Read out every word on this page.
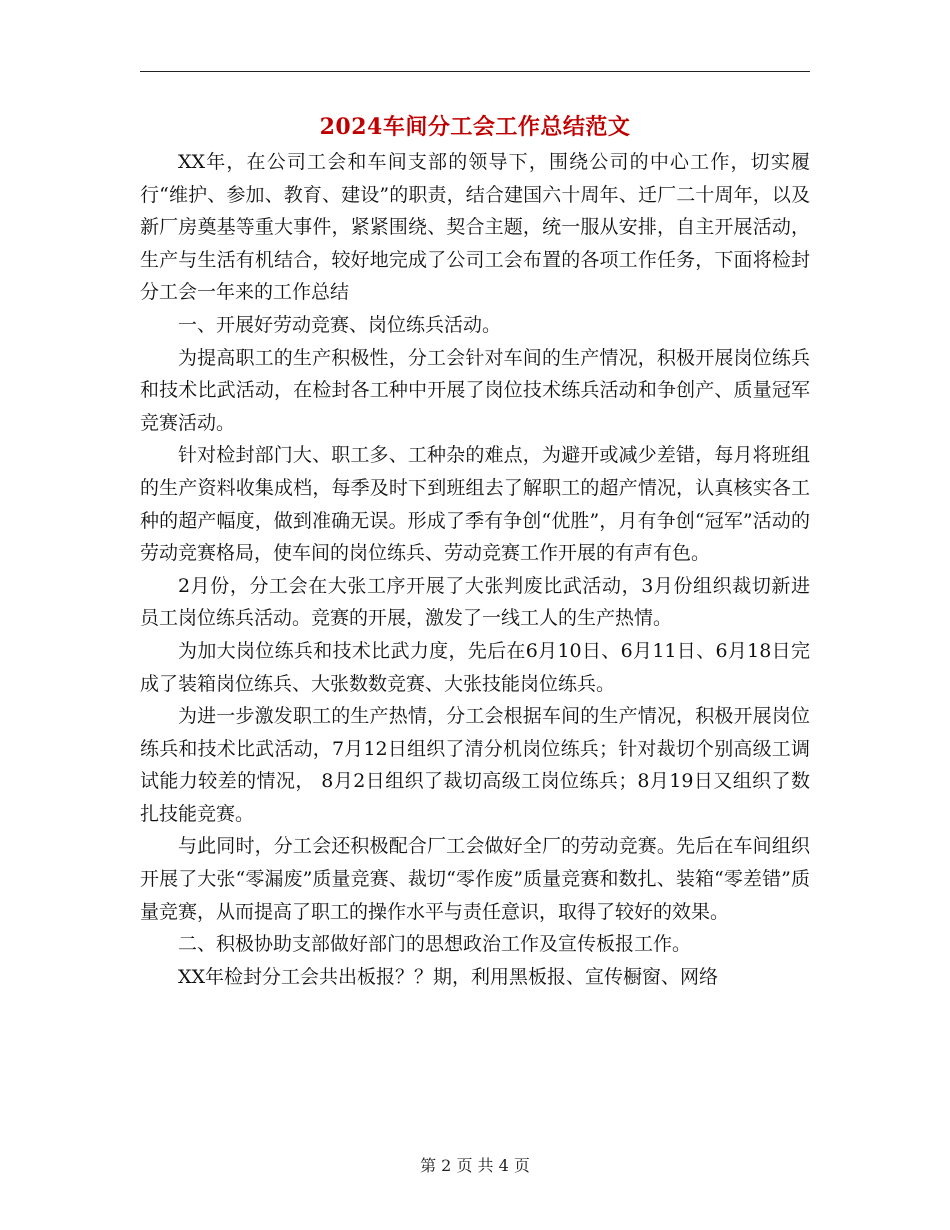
2024车间分工会工作总结范文

XX年，在公司工会和车间支部的领导下，围绕公司的中心工作，切实履行“维护、参加、教育、建设”的职责，结合建国六十周年、迁厂二十周年，以及新厂房奠基等重大事件，紧紧围绕、契合主题，统一服从安排，自主开展活动，生产与生活有机结合，较好地完成了公司工会布置的各项工作任务，下面将检封分工会一年来的工作总结

一、开展好劳动竞赛、岗位练兵活动。

为提高职工的生产积极性，分工会针对车间的生产情况，积极开展岗位练兵和技术比武活动，在检封各工种中开展了岗位技术练兵活动和争创产、质量冠军竞赛活动。

针对检封部门大、职工多、工种杂的难点，为避开或减少差错，每月将班组的生产资料收集成档，每季及时下到班组去了解职工的超产情况，认真核实各工种的超产幅度，做到准确无误。形成了季有争创“优胜”，月有争创“冠军”活动的劳动竞赛格局，使车间的岗位练兵、劳动竞赛工作开展的有声有色。

2月份，分工会在大张工序开展了大张判废比武活动，3月份组织裁切新进员工岗位练兵活动。竞赛的开展，激发了一线工人的生产热情。

为加大岗位练兵和技术比武力度，先后在6月10日、6月11日、6月18日完成了装箱岗位练兵、大张数数竞赛、大张技能岗位练兵。

为进一步激发职工的生产热情，分工会根据车间的生产情况，积极开展岗位练兵和技术比武活动，7月12日组织了清分机岗位练兵；针对裁切个别高级工调试能力较差的情况， 8月2日组织了裁切高级工岗位练兵；8月19日又组织了数扎技能竞赛。

与此同时，分工会还积极配合厂工会做好全厂的劳动竞赛。先后在车间组织开展了大张“零漏废”质量竞赛、裁切“零作废”质量竞赛和数扎、装箱“零差错”质量竞赛，从而提高了职工的操作水平与责任意识，取得了较好的效果。

二、积极协助支部做好部门的思想政治工作及宣传板报工作。

XX年检封分工会共出板报？？期，利用黑板报、宣传橱窗、网络

第 2 页 共 4 页
